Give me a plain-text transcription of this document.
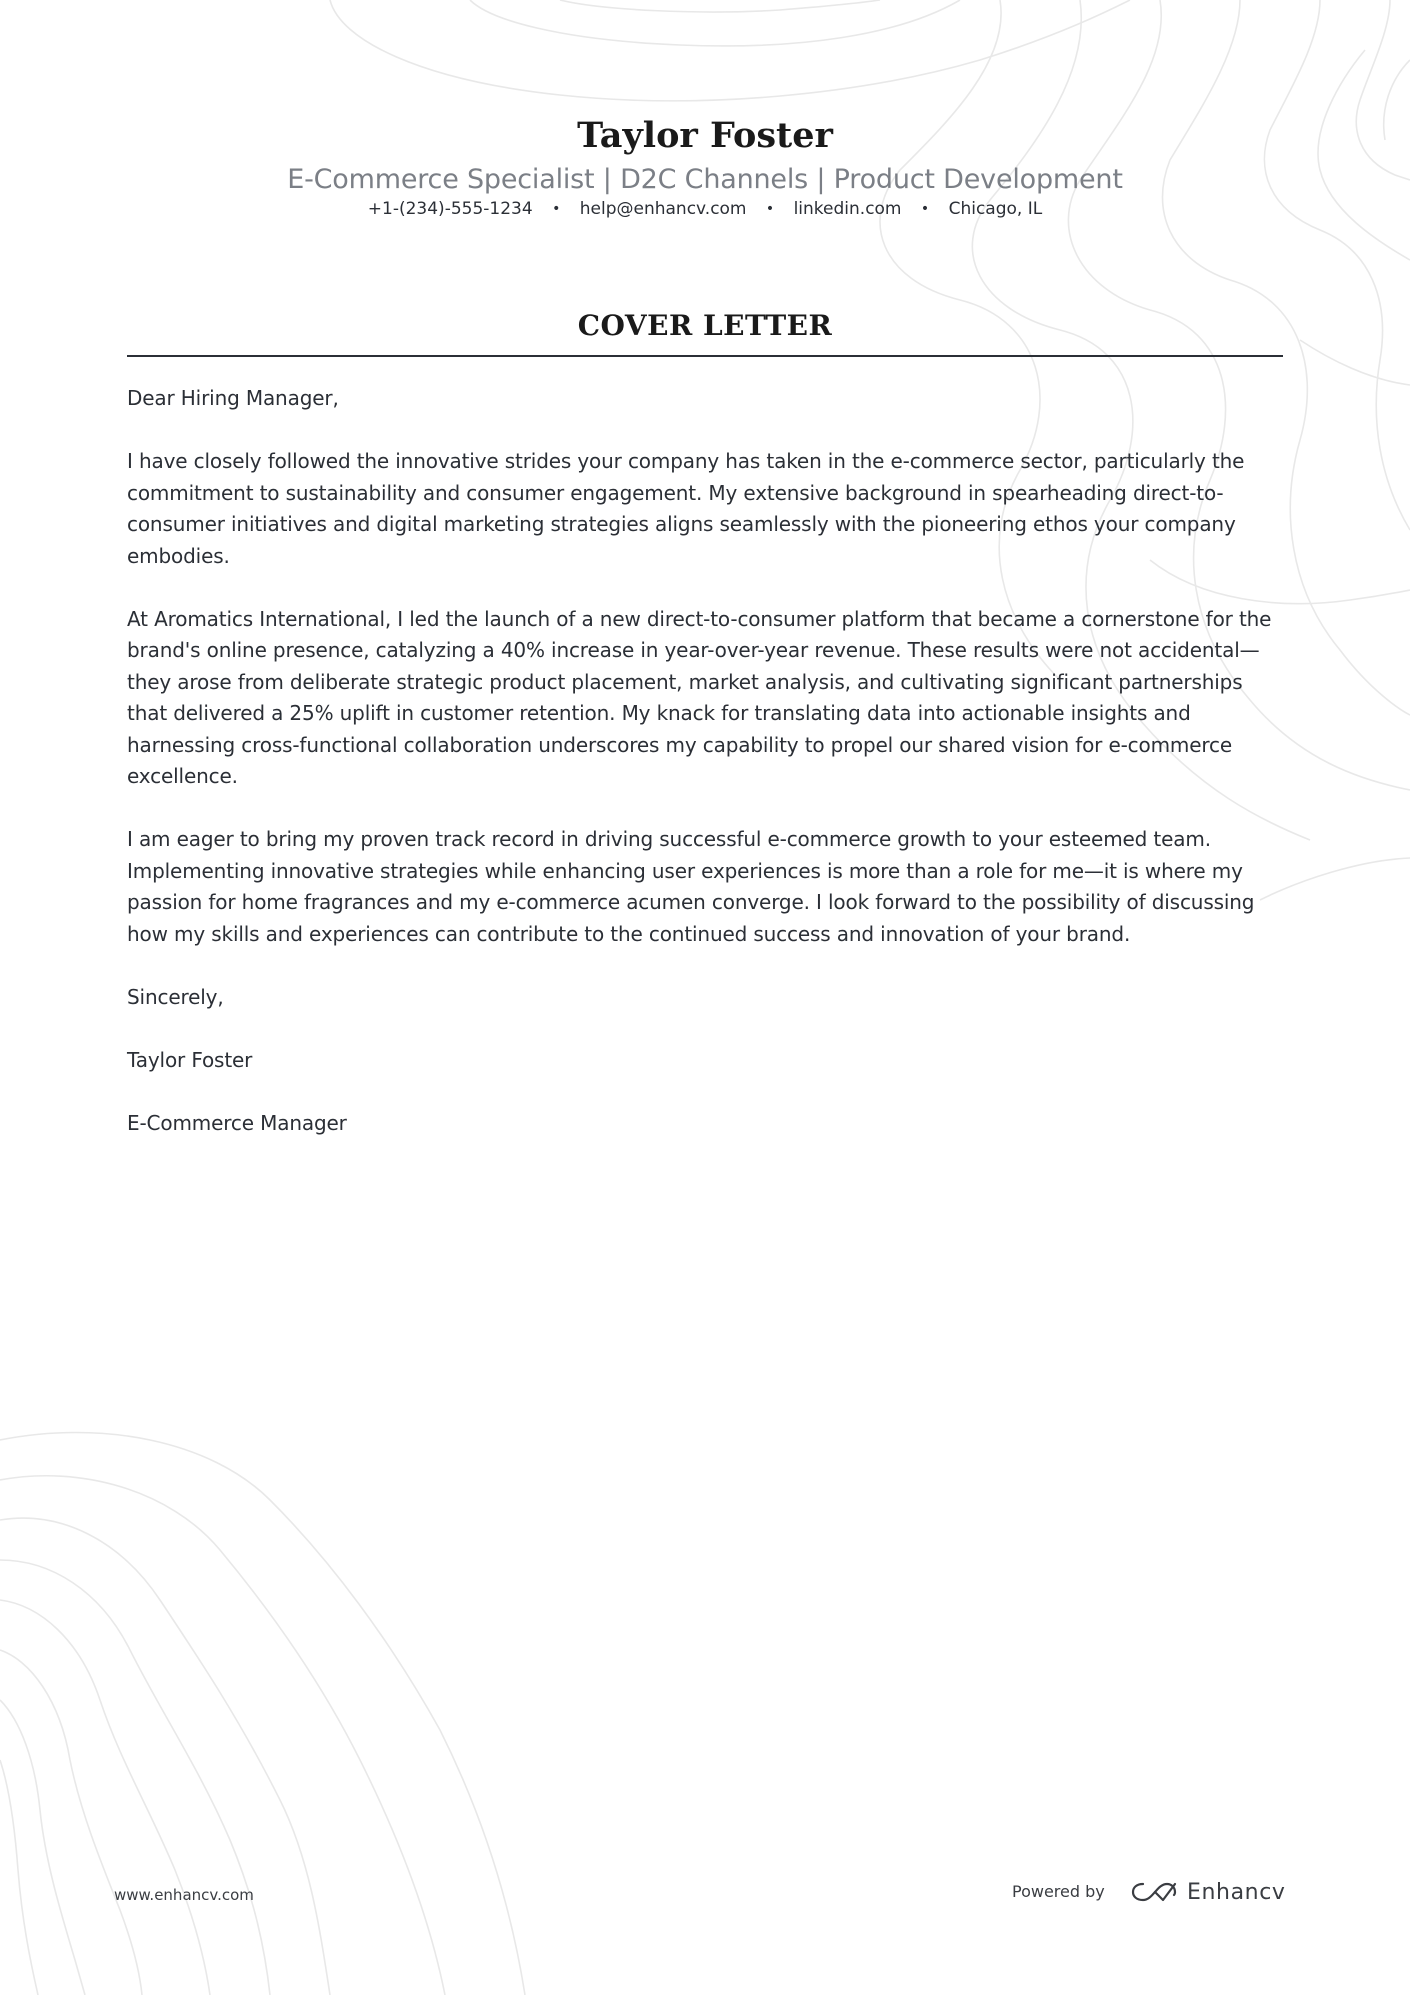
Taylor Foster
E-Commerce Specialist | D2C Channels | Product Development
+1-(234)-555-1234 • help@enhancv.com • linkedin.com • Chicago, IL
COVER LETTER

Dear Hiring Manager,

I have closely followed the innovative strides your company has taken in the e-commerce sector, particularly the commitment to sustainability and consumer engagement. My extensive background in spearheading direct-to-consumer initiatives and digital marketing strategies aligns seamlessly with the pioneering ethos your company embodies.

At Aromatics International, I led the launch of a new direct-to-consumer platform that became a cornerstone for the brand's online presence, catalyzing a 40% increase in year-over-year revenue. These results were not accidental—they arose from deliberate strategic product placement, market analysis, and cultivating significant partnerships that delivered a 25% uplift in customer retention. My knack for translating data into actionable insights and harnessing cross-functional collaboration underscores my capability to propel our shared vision for e-commerce excellence.

I am eager to bring my proven track record in driving successful e-commerce growth to your esteemed team. Implementing innovative strategies while enhancing user experiences is more than a role for me—it is where my passion for home fragrances and my e-commerce acumen converge. I look forward to the possibility of discussing how my skills and experiences can contribute to the continued success and innovation of your brand.

Sincerely,

Taylor Foster

E-Commerce Manager

www.enhancv.com	Powered by	Enhancv
